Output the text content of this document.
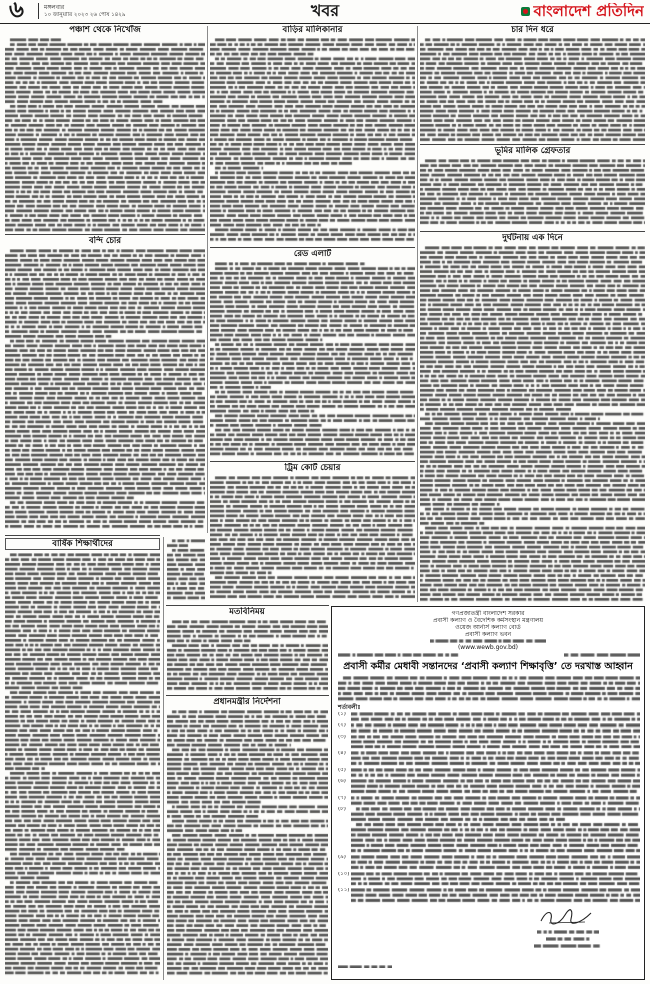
৬	মঙ্গলবার
১০ জানুয়ারি ২০২৩ ২৬ পৌষ ১৪২৯	খবর	বাংলাদেশ প্রতিদিন
পঞ্চাশ থেকে নিখোঁজ
বন্দি চোর
বার্ষিক শিক্ষার্থীদের
বাড়ির মালিকানার
রেড এলার্ট
ট্রিম কোর্ট চেয়ার
মতবিনিময়
প্রধানমন্ত্রীর নির্দেশনা
চার দিন ধরে
ভূমির মালিক গ্রেফতার
দুর্ঘটনায় এক দিনে
গণপ্রজাতন্ত্রী বাংলাদেশ সরকার
প্রবাসী কল্যাণ ও বৈদেশিক কর্মসংস্থান মন্ত্রণালয়
ওয়েজ আর্নার্স কল্যাণ বোর্ড
প্রবাসী কল্যাণ ভবন
(www.wewb.gov.bd)
প্রবাসী কর্মীর মেধাবী সন্তানদের ‘প্রবাসী কল্যাণ শিক্ষাবৃত্তি’ তে দরখাস্ত আহ্বান
শর্তাবলীঃ
(১)
(২)
(৩)
(৪)
(৫)
(৬)
(৭)
(৮)
(৯)
(১০)
(১১)
